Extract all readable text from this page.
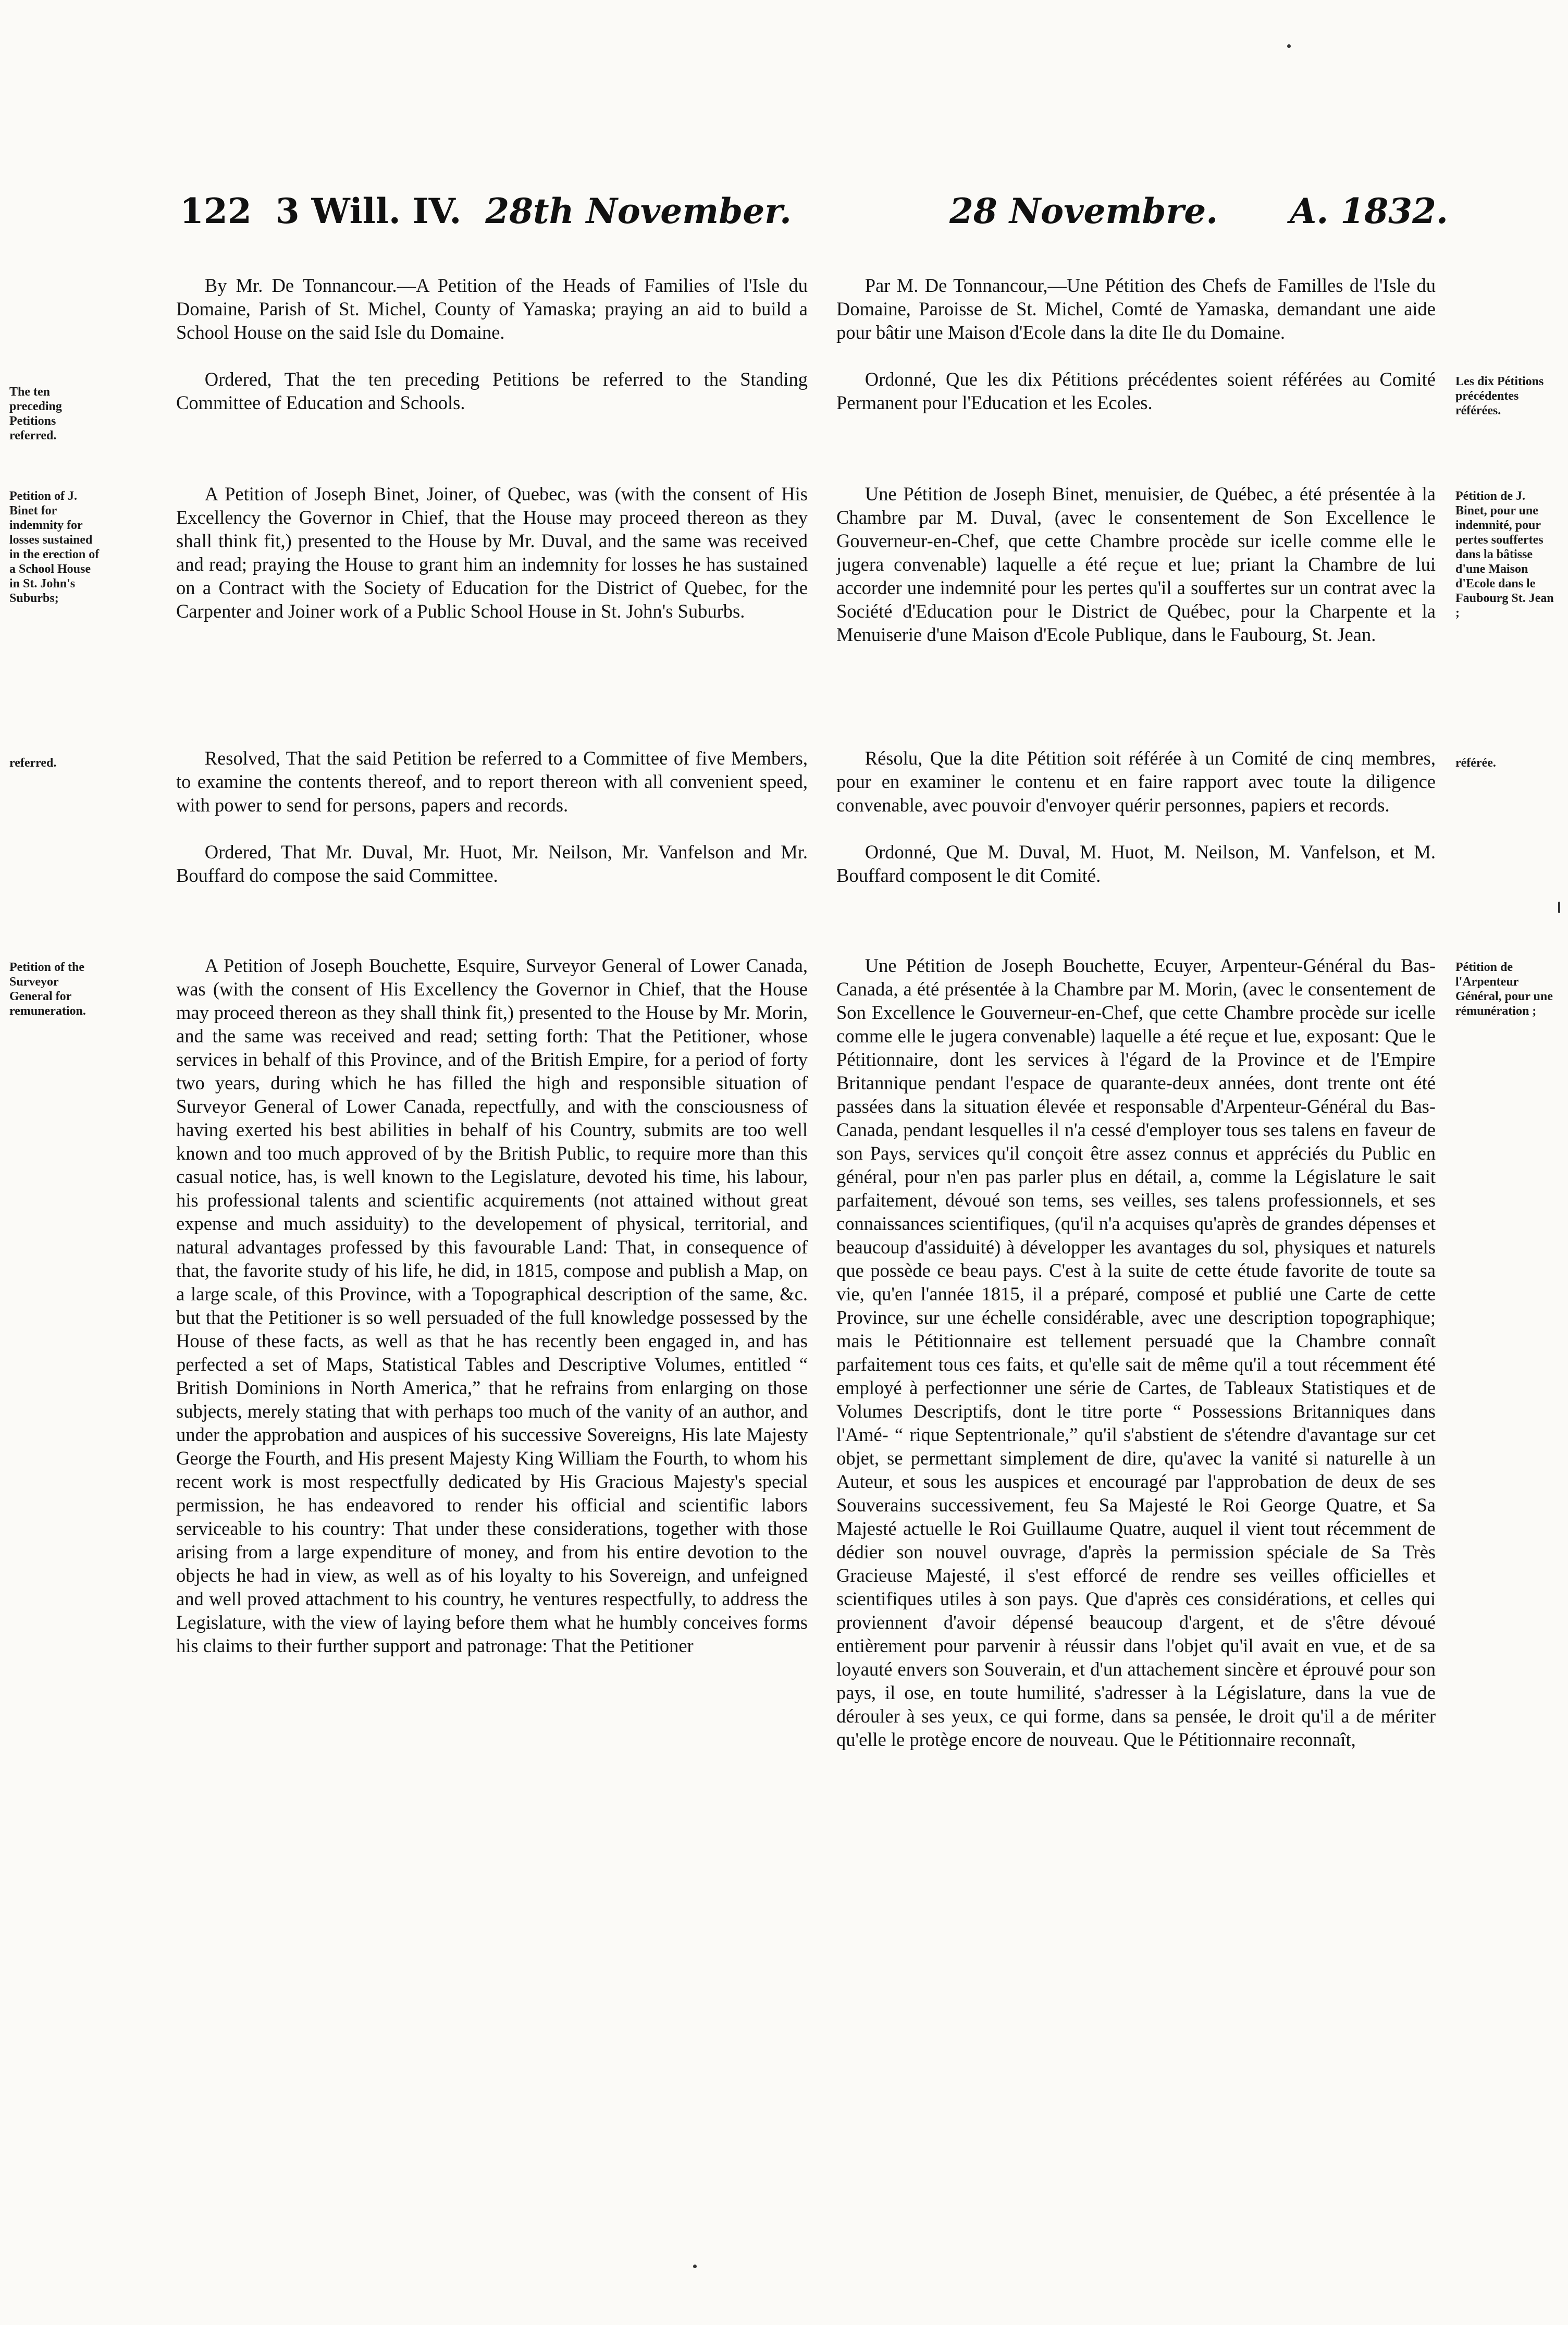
122 3 Will. IV. 28th November.	28 Novembre. A. 1832.
The ten preceding Petitions referred.
Petition of J. Binet for indemnity for losses sustained in the erection of a School House in St. John's Suburbs;
referred.
Petition of the Surveyor General for remuneration.
Les dix Pétitions précédentes référées.
Pétition de J. Binet, pour une indemnité, pour pertes souffertes dans la bâtisse d'une Maison d'Ecole dans le Faubourg St. Jean ;
référée.
Pétition de l'Arpenteur Général, pour une rémunération ;

By Mr. De Tonnancour.—A Petition of the Heads of Families of l'Isle du Domaine, Parish of St. Michel, County of Yamaska; praying an aid to build a School House on the said Isle du Domaine.

Ordered, That the ten preceding Petitions be referred to the Standing Committee of Education and Schools.

A Petition of Joseph Binet, Joiner, of Quebec, was (with the consent of His Excellency the Governor in Chief, that the House may proceed thereon as they shall think fit,) presented to the House by Mr. Duval, and the same was received and read; praying the House to grant him an indemnity for losses he has sustained on a Contract with the Society of Education for the District of Quebec, for the Carpenter and Joiner work of a Public School House in St. John's Suburbs.

Resolved, That the said Petition be referred to a Committee of five Members, to examine the contents thereof, and to report thereon with all convenient speed, with power to send for persons, papers and records.

Ordered, That Mr. Duval, Mr. Huot, Mr. Neilson, Mr. Vanfelson and Mr. Bouffard do compose the said Committee.

A Petition of Joseph Bouchette, Esquire, Surveyor General of Lower Canada, was (with the consent of His Excellency the Governor in Chief, that the House may proceed thereon as they shall think fit,) presented to the House by Mr. Morin, and the same was received and read; setting forth: That the Petitioner, whose services in behalf of this Province, and of the British Empire, for a period of forty two years, during which he has filled the high and responsible situation of Surveyor General of Lower Canada, repectfully, and with the consciousness of having exerted his best abilities in behalf of his Country, submits are too well known and too much approved of by the British Public, to require more than this casual notice, has, is well known to the Legislature, devoted his time, his labour, his professional talents and scientific acquirements (not attained without great expense and much assiduity) to the developement of physical, territorial, and natural advantages professed by this favourable Land: That, in consequence of that, the favorite study of his life, he did, in 1815, compose and publish a Map, on a large scale, of this Province, with a Topographical description of the same, &c. but that the Petitioner is so well persuaded of the full knowledge possessed by the House of these facts, as well as that he has recently been engaged in, and has perfected a set of Maps, Statistical Tables and Descriptive Volumes, entitled “ British Dominions in North America,” that he refrains from enlarging on those subjects, merely stating that with perhaps too much of the vanity of an author, and under the approbation and auspices of his successive Sovereigns, His late Majesty George the Fourth, and His present Majesty King William the Fourth, to whom his recent work is most respectfully dedicated by His Gracious Majesty's special permission, he has endeavored to render his official and scientific labors serviceable to his country: That under these considerations, together with those arising from a large expenditure of money, and from his entire devotion to the objects he had in view, as well as of his loyalty to his Sovereign, and unfeigned and well proved attachment to his country, he ventures respectfully, to address the Legislature, with the view of laying before them what he humbly conceives forms his claims to their further support and patronage: That the Petitioner

Par M. De Tonnancour,—Une Pétition des Chefs de Familles de l'Isle du Domaine, Paroisse de St. Michel, Comté de Yamaska, demandant une aide pour bâtir une Maison d'Ecole dans la dite Ile du Domaine.

Ordonné, Que les dix Pétitions précédentes soient référées au Comité Permanent pour l'Education et les Ecoles.

Une Pétition de Joseph Binet, menuisier, de Québec, a été présentée à la Chambre par M. Duval, (avec le consentement de Son Excellence le Gouverneur-en-Chef, que cette Chambre procède sur icelle comme elle le jugera convenable) laquelle a été reçue et lue; priant la Chambre de lui accorder une indemnité pour les pertes qu'il a souffertes sur un contrat avec la Société d'Education pour le District de Québec, pour la Charpente et la Menuiserie d'une Maison d'Ecole Publique, dans le Faubourg, St. Jean.

Résolu, Que la dite Pétition soit référée à un Comité de cinq membres, pour en examiner le contenu et en faire rapport avec toute la diligence convenable, avec pouvoir d'envoyer quérir personnes, papiers et records.

Ordonné, Que M. Duval, M. Huot, M. Neilson, M. Vanfelson, et M. Bouffard composent le dit Comité.

Une Pétition de Joseph Bouchette, Ecuyer, Arpenteur-Général du Bas-Canada, a été présentée à la Chambre par M. Morin, (avec le consentement de Son Excellence le Gouverneur-en-Chef, que cette Chambre procède sur icelle comme elle le jugera convenable) laquelle a été reçue et lue, exposant: Que le Pétitionnaire, dont les services à l'égard de la Province et de l'Empire Britannique pendant l'espace de quarante-deux années, dont trente ont été passées dans la situation élevée et responsable d'Arpenteur-Général du Bas-Canada, pendant lesquelles il n'a cessé d'employer tous ses talens en faveur de son Pays, services qu'il conçoit être assez connus et appréciés du Public en général, pour n'en pas parler plus en détail, a, comme la Législature le sait parfaitement, dévoué son tems, ses veilles, ses talens professionnels, et ses connaissances scientifiques, (qu'il n'a acquises qu'après de grandes dépenses et beaucoup d'assiduité) à développer les avantages du sol, physiques et naturels que possède ce beau pays. C'est à la suite de cette étude favorite de toute sa vie, qu'en l'année 1815, il a préparé, composé et publié une Carte de cette Province, sur une échelle considérable, avec une description topographique; mais le Pétitionnaire est tellement persuadé que la Chambre connaît parfaitement tous ces faits, et qu'elle sait de même qu'il a tout récemment été employé à perfectionner une série de Cartes, de Tableaux Statistiques et de Volumes Descriptifs, dont le titre porte “ Possessions Britanniques dans l'Amé- “ rique Septentrionale,” qu'il s'abstient de s'étendre d'avantage sur cet objet, se permettant simplement de dire, qu'avec la vanité si naturelle à un Auteur, et sous les auspices et encouragé par l'approbation de deux de ses Souverains successivement, feu Sa Majesté le Roi George Quatre, et Sa Majesté actuelle le Roi Guillaume Quatre, auquel il vient tout récemment de dédier son nouvel ouvrage, d'après la permission spéciale de Sa Très Gracieuse Majesté, il s'est efforcé de rendre ses veilles officielles et scientifiques utiles à son pays. Que d'après ces considérations, et celles qui proviennent d'avoir dépensé beaucoup d'argent, et de s'être dévoué entièrement pour parvenir à réussir dans l'objet qu'il avait en vue, et de sa loyauté envers son Souverain, et d'un attachement sincère et éprouvé pour son pays, il ose, en toute humilité, s'adresser à la Législature, dans la vue de dérouler à ses yeux, ce qui forme, dans sa pensée, le droit qu'il a de mériter qu'elle le protège encore de nouveau. Que le Pétitionnaire reconnaît,
